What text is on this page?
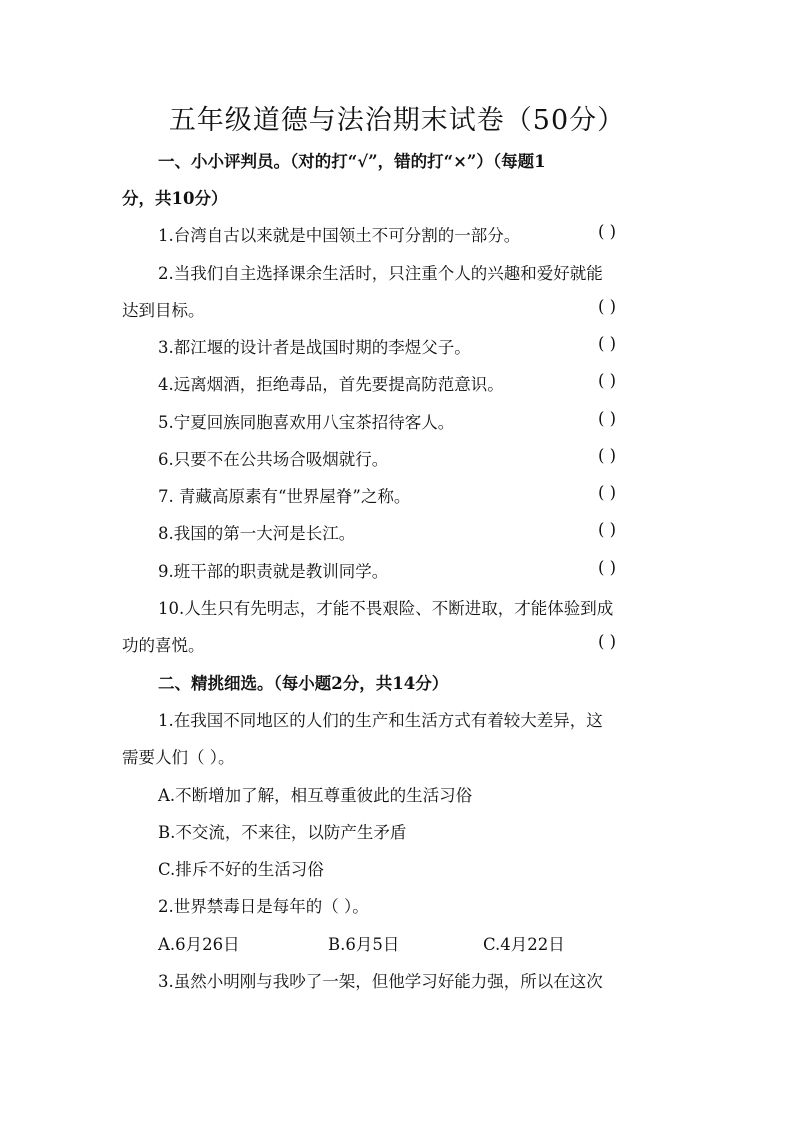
五年级道德与法治期末试卷（50分）
一、小小评判员。（对的打“√”，错的打“×”）（每题1
分，共10分）
1.台湾自古以来就是中国领土不可分割的一部分。	( )
2.当我们自主选择课余生活时，只注重个人的兴趣和爱好就能
达到目标。	( )
3.都江堰的设计者是战国时期的李煜父子。	( )
4.远离烟酒，拒绝毒品，首先要提高防范意识。	( )
5.宁夏回族同胞喜欢用八宝茶招待客人。	( )
6.只要不在公共场合吸烟就行。	( )
7. 青藏高原素有“世界屋脊”之称。	( )
8.我国的第一大河是长江。	( )
9.班干部的职责就是教训同学。	( )
10.人生只有先明志，才能不畏艰险、不断进取，才能体验到成
功的喜悦。	( )
二、精挑细选。（每小题2分，共14分）
1.在我国不同地区的人们的生产和生活方式有着较大差异，这
需要人们（ ）。
A.不断增加了解，相互尊重彼此的生活习俗
B.不交流，不来往，以防产生矛盾
C.排斥不好的生活习俗
2.世界禁毒日是每年的（ ）。
A.6月26日	B.6月5日	C.4月22日
3.虽然小明刚与我吵了一架，但他学习好能力强，所以在这次
